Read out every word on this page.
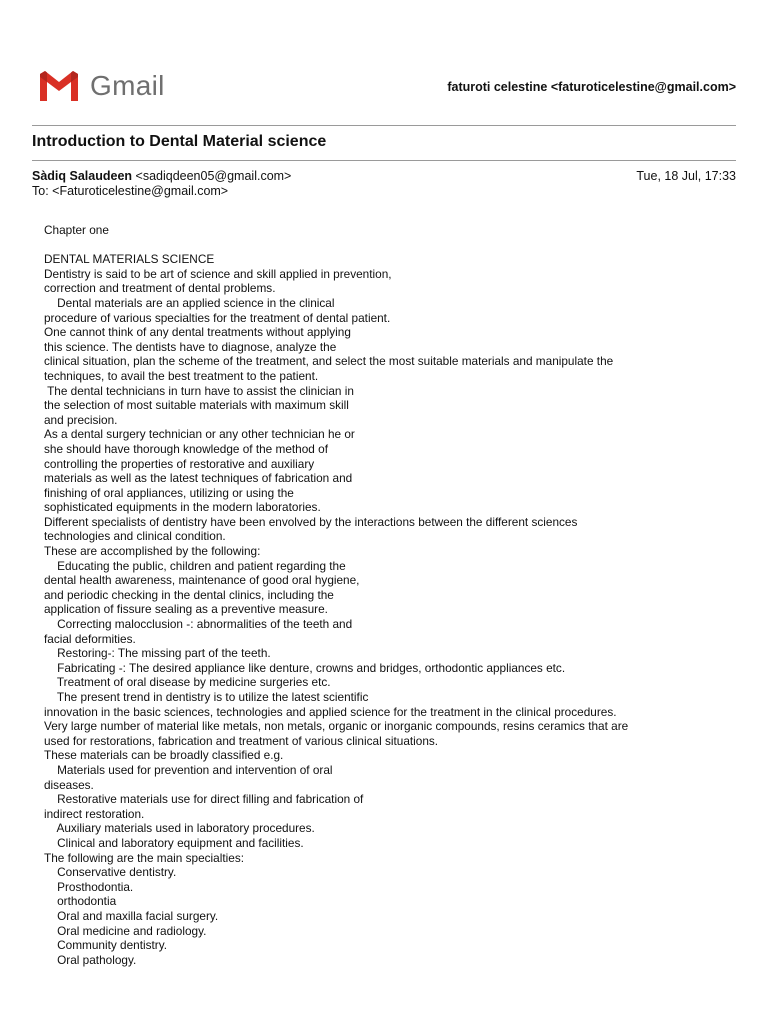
Gmail	faturoti celestine <faturoticelestine@gmail.com>
Introduction to Dental Material science
Sàdiq Salaudeen <sadiqdeen05@gmail.com>	Tue, 18 Jul, 17:33
To: <Faturoticelestine@gmail.com>
Chapter one
DENTAL MATERIALS SCIENCE
Dentistry is said to be art of science and skill applied in prevention,
correction and treatment of dental problems.
Dental materials are an applied science in the clinical
procedure of various specialties for the treatment of dental patient.
One cannot think of any dental treatments without applying
this science. The dentists have to diagnose, analyze the
clinical situation, plan the scheme of the treatment, and select the most suitable materials and manipulate the
techniques, to avail the best treatment to the patient.
The dental technicians in turn have to assist the clinician in
the selection of most suitable materials with maximum skill
and precision.
As a dental surgery technician or any other technician he or
she should have thorough knowledge of the method of
controlling the properties of restorative and auxiliary
materials as well as the latest techniques of fabrication and
finishing of oral appliances, utilizing or using the
sophisticated equipments in the modern laboratories.
Different specialists of dentistry have been envolved by the interactions between the different sciences
technologies and clinical condition.
These are accomplished by the following:
Educating the public, children and patient regarding the
dental health awareness, maintenance of good oral hygiene,
and periodic checking in the dental clinics, including the
application of fissure sealing as a preventive measure.
Correcting malocclusion -: abnormalities of the teeth and
facial deformities.
Restoring-: The missing part of the teeth.
Fabricating -: The desired appliance like denture, crowns and bridges, orthodontic appliances etc.
Treatment of oral disease by medicine surgeries etc.
The present trend in dentistry is to utilize the latest scientific
innovation in the basic sciences, technologies and applied science for the treatment in the clinical procedures.
Very large number of material like metals, non metals, organic or inorganic compounds, resins ceramics that are
used for restorations, fabrication and treatment of various clinical situations.
These materials can be broadly classified e.g.
Materials used for prevention and intervention of oral
diseases.
Restorative materials use for direct filling and fabrication of
indirect restoration.
Auxiliary materials used in laboratory procedures.
Clinical and laboratory equipment and facilities.
The following are the main specialties:
Conservative dentistry.
Prosthodontia.
orthodontia
Oral and maxilla facial surgery.
Oral medicine and radiology.
Community dentistry.
Oral pathology.
